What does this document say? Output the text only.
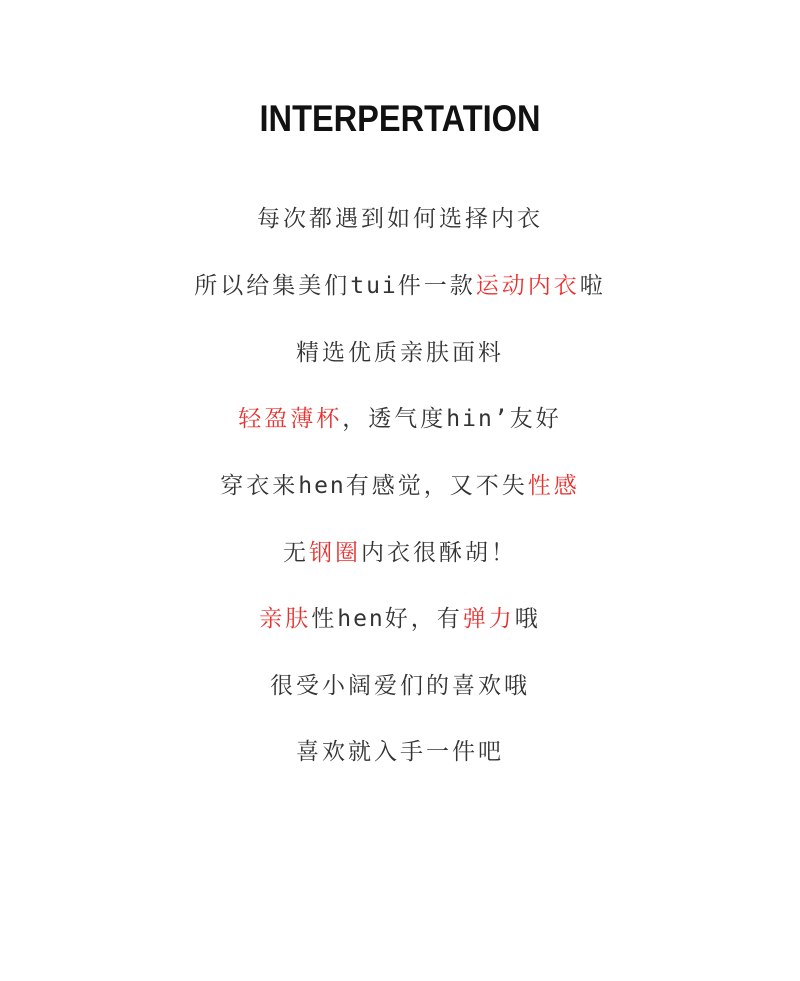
INTERPERTATION
每次都遇到如何选择内衣
所以给集美们tui件一款运动内衣啦
精选优质亲肤面料
轻盈薄杯，透气度hin’友好
穿衣来hen有感觉，又不失性感
无钢圈内衣很酥胡！
亲肤性hen好，有弹力哦
很受小阔爱们的喜欢哦
喜欢就入手一件吧
